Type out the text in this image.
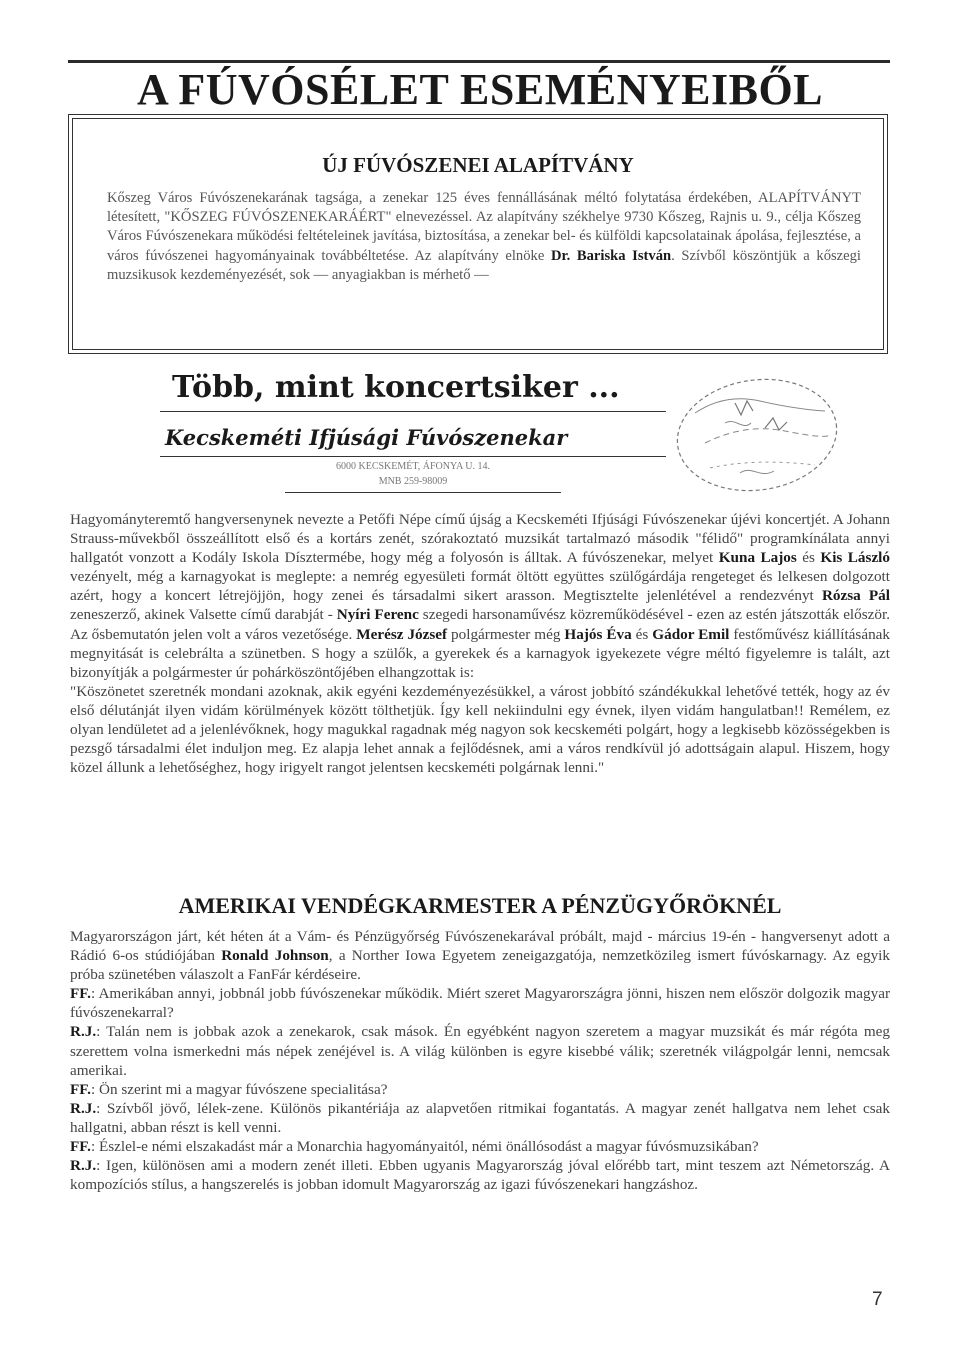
A FÚVÓSÉLET ESEMÉNYEIBŐL
ÚJ FÚVÓSZENEI ALAPÍTVÁNY
Kőszeg Város Fúvószenekarának tagsága, a zenekar 125 éves fennállásának méltó folytatása érdekében, ALAPÍTVÁNYT létesített, "KŐSZEG FÚVÓSZENEKARÁÉRT" elnevezéssel. Az alapítvány székhelye 9730 Kőszeg, Rajnis u. 9., célja Kőszeg Város Fúvószenekara működési feltételeinek javítása, biztosítása, a zenekar bel- és külföldi kapcsolatainak ápolása, fejlesztése, a város fúvószenei hagyományainak továbbéltetése. Az alapítvány elnöke Dr. Bariska István. Szívből köszöntjük a kőszegi muzsikusok kezdeményezését, sok — anyagiakban is mérhető —
Több, mint koncertsiker ...
Kecskeméti Ifjúsági Fúvószenekar
6000 KECSKEMÉT, ÁFONYA U. 14.
MNB 259-98009

Hagyományteremtő hangversenynek nevezte a Petőfi Népe című újság a Kecskeméti Ifjúsági Fúvószenekar újévi koncertjét. A Johann Strauss-művekből összeállított első és a kortárs zenét, szórakoztató muzsikát tartalmazó második "félidő" programkínálata annyi hallgatót vonzott a Kodály Iskola Dísztermébe, hogy még a folyosón is álltak. A fúvószenekar, melyet Kuna Lajos és Kis László vezényelt, még a karnagyokat is meglepte: a nemrég egyesületi formát öltött együttes szülőgárdája rengeteget és lelkesen dolgozott azért, hogy a koncert létrejöjjön, hogy zenei és társadalmi sikert arasson. Megtisztelte jelenlétével a rendezvényt Rózsa Pál zeneszerző, akinek Valsette című darabját - Nyíri Ferenc szegedi harsonaművész közreműködésével - ezen az estén játszották először. Az ősbemutatón jelen volt a város vezetősége. Merész József polgármester még Hajós Éva és Gádor Emil festőművész kiállításának megnyitását is celebrálta a szünetben. S hogy a szülők, a gyerekek és a karnagyok igyekezete végre méltó figyelemre is talált, azt bizonyítják a polgármester úr pohárköszöntőjében elhangzottak is:

"Köszönetet szeretnék mondani azoknak, akik egyéni kezdeményezésükkel, a várost jobbító szándékukkal lehetővé tették, hogy az év első délutánját ilyen vidám körülmények között tölthetjük. Így kell nekiindulni egy évnek, ilyen vidám hangulatban!! Remélem, ez olyan lendületet ad a jelenlévőknek, hogy magukkal ragadnak még nagyon sok kecskeméti polgárt, hogy a legkisebb közösségekben is pezsgő társadalmi élet induljon meg. Ez alapja lehet annak a fejlődésnek, ami a város rendkívül jó adottságain alapul. Hiszem, hogy közel állunk a lehetőséghez, hogy irigyelt rangot jelentsen kecskeméti polgárnak lenni."

AMERIKAI VENDÉGKARMESTER A PÉNZÜGYŐRÖKNÉL

Magyarországon járt, két héten át a Vám- és Pénzügyőrség Fúvószenekarával próbált, majd - március 19-én - hangversenyt adott a Rádió 6-os stúdiójában Ronald Johnson, a Norther Iowa Egyetem zeneigazgatója, nemzetközileg ismert fúvóskarnagy. Az egyik próba szünetében válaszolt a FanFár kérdéseire.

FF.: Amerikában annyi, jobbnál jobb fúvószenekar működik. Miért szeret Magyarországra jönni, hiszen nem először dolgozik magyar fúvószenekarral?

R.J.: Talán nem is jobbak azok a zenekarok, csak mások. Én egyébként nagyon szeretem a magyar muzsikát és már régóta meg szerettem volna ismerkedni más népek zenéjével is. A világ különben is egyre kisebbé válik; szeretnék világpolgár lenni, nemcsak amerikai.

FF.: Ön szerint mi a magyar fúvószene specialitása?

R.J.: Szívből jövő, lélek-zene. Különös pikantériája az alapvetően ritmikai fogantatás. A magyar zenét hallgatva nem lehet csak hallgatni, abban részt is kell venni.

FF.: Észlel-e némi elszakadást már a Monarchia hagyományaitól, némi önállósodást a magyar fúvósmuzsikában?

R.J.: Igen, különösen ami a modern zenét illeti. Ebben ugyanis Magyarország jóval előrébb tart, mint teszem azt Németország. A kompozíciós stílus, a hangszerelés is jobban idomult Magyarország az igazi fúvószenekari hangzáshoz.

7
